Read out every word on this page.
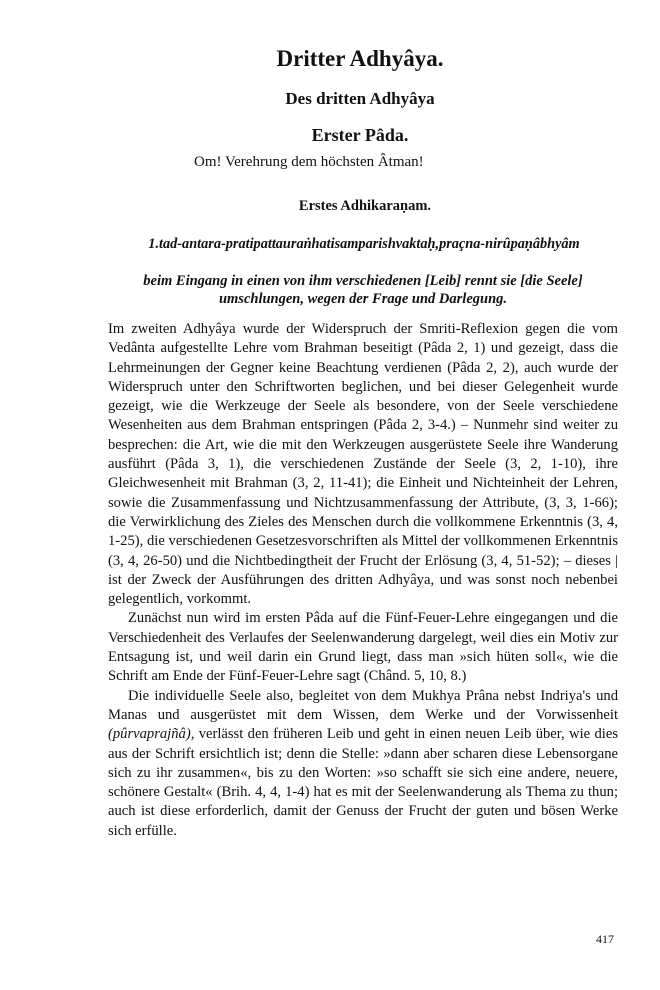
Dritter Adhyâya.
Des dritten Adhyâya
Erster Pâda.
Om! Verehrung dem höchsten Âtman!
Erstes Adhikaraṇam.
1.tad-antara-pratipattauraṅhatisamparishvaktaḥ,praçna-nirûpaṇâbhyâm
beim Eingang in einen von ihm verschiedenen [Leib] rennt sie [die Seele] umschlungen, wegen der Frage und Darlegung.

Im zweiten Adhyâya wurde der Widerspruch der Smriti-Reflexion gegen die vom Vedânta aufgestellte Lehre vom Brahman beseitigt (Pâda 2, 1) und gezeigt, dass die Lehrmeinungen der Gegner keine Beachtung verdienen (Pâda 2, 2), auch wurde der Widerspruch unter den Schriftworten beglichen, und bei dieser Gelegenheit wurde gezeigt, wie die Werkzeuge der Seele als besondere, von der Seele verschiedene Wesenheiten aus dem Brahman entspringen (Pâda 2, 3-4.) – Nunmehr sind weiter zu besprechen: die Art, wie die mit den Werkzeugen ausgerüstete Seele ihre Wanderung ausführt (Pâda 3, 1), die verschiedenen Zustände der Seele (3, 2, 1-10), ihre Gleichwesenheit mit Brahman (3, 2, 11-41); die Einheit und Nichteinheit der Lehren, sowie die Zusammenfassung und Nichtzusammenfassung der Attribute, (3, 3, 1-66); die Verwirklichung des Zieles des Menschen durch die vollkommene Erkenntnis (3, 4, 1-25), die verschiedenen Gesetzesvorschriften als Mittel der vollkommenen Erkenntnis (3, 4, 26-50) und die Nichtbedingtheit der Frucht der Erlösung (3, 4, 51-52); – dieses | ist der Zweck der Ausführungen des dritten Adhyâya, und was sonst noch nebenbei gelegentlich, vorkommt.

Zunächst nun wird im ersten Pâda auf die Fünf-Feuer-Lehre eingegangen und die Verschiedenheit des Verlaufes der Seelenwanderung dargelegt, weil dies ein Motiv zur Entsagung ist, und weil darin ein Grund liegt, dass man »sich hüten soll«, wie die Schrift am Ende der Fünf-Feuer-Lehre sagt (Chând. 5, 10, 8.)

Die individuelle Seele also, begleitet von dem Mukhya Prâna nebst Indriya's und Manas und ausgerüstet mit dem Wissen, dem Werke und der Vorwissenheit (pûrvaprajñâ), verlässt den früheren Leib und geht in einen neuen Leib über, wie dies aus der Schrift ersichtlich ist; denn die Stelle: »dann aber scharen diese Lebensorgane sich zu ihr zusammen«, bis zu den Worten: »so schafft sie sich eine andere, neuere, schönere Gestalt« (Brih. 4, 4, 1-4) hat es mit der Seelenwanderung als Thema zu thun; auch ist diese erforderlich, damit der Genuss der Frucht der guten und bösen Werke sich erfülle.

417
